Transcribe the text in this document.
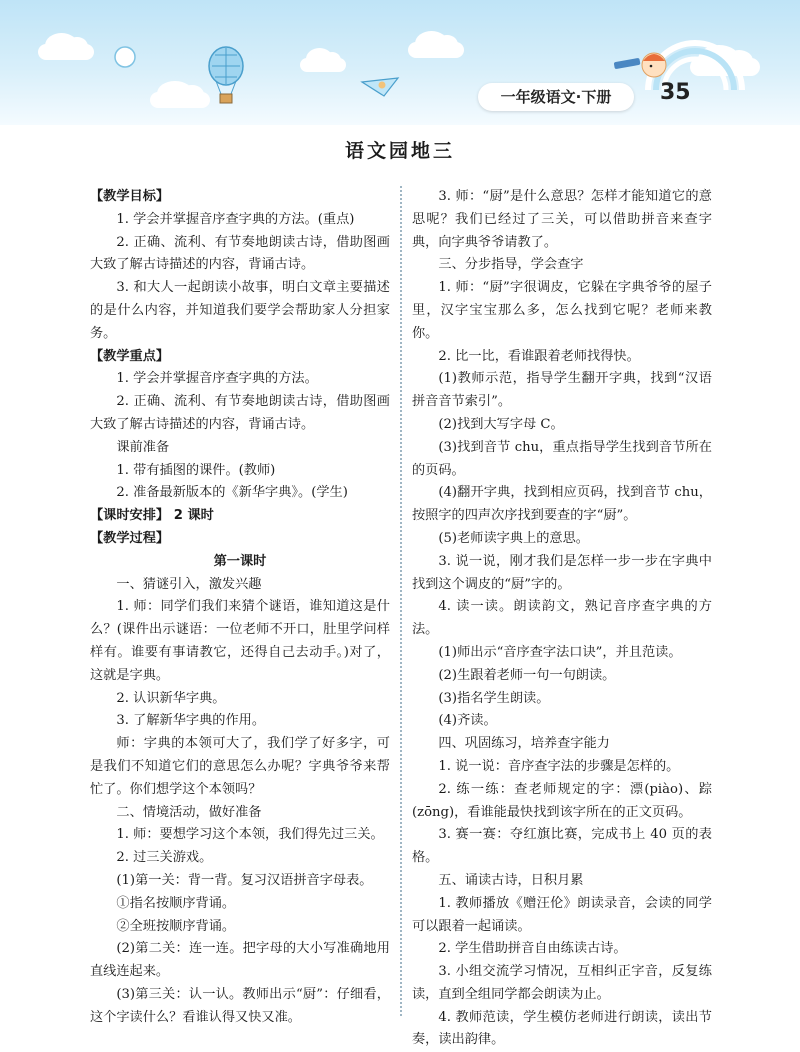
一年级语文·下册	35
语文园地三

【教学目标】

1. 学会并掌握音序查字典的方法。(重点)

2. 正确、流利、有节奏地朗读古诗，借助图画大致了解古诗描述的内容，背诵古诗。

3. 和大人一起朗读小故事，明白文章主要描述的是什么内容，并知道我们要学会帮助家人分担家务。

【教学重点】

1. 学会并掌握音序查字典的方法。

2. 正确、流利、有节奏地朗读古诗，借助图画大致了解古诗描述的内容，背诵古诗。

课前准备

1. 带有插图的课件。(教师)

2. 准备最新版本的《新华字典》。(学生)

【课时安排】 2 课时

【教学过程】

第一课时

一、猜谜引入，激发兴趣

1. 师：同学们我们来猜个谜语，谁知道这是什么？(课件出示谜语：一位老师不开口，肚里学问样样有。谁要有事请教它，还得自己去动手。)对了，这就是字典。

2. 认识新华字典。

3. 了解新华字典的作用。

师：字典的本领可大了，我们学了好多字，可是我们不知道它们的意思怎么办呢？字典爷爷来帮忙了。你们想学这个本领吗？

二、情境活动，做好准备

1. 师：要想学习这个本领，我们得先过三关。

2. 过三关游戏。

(1)第一关：背一背。复习汉语拼音字母表。

①指名按顺序背诵。

②全班按顺序背诵。

(2)第二关：连一连。把字母的大小写准确地用直线连起来。

(3)第三关：认一认。教师出示“厨”：仔细看，这个字读什么？看谁认得又快又准。

3. 师：“厨”是什么意思？怎样才能知道它的意思呢？我们已经过了三关，可以借助拼音来查字典，向字典爷爷请教了。

三、分步指导，学会查字

1. 师：“厨”字很调皮，它躲在字典爷爷的屋子里，汉字宝宝那么多，怎么找到它呢？老师来教你。

2. 比一比，看谁跟着老师找得快。

(1)教师示范，指导学生翻开字典，找到“汉语拼音音节索引”。

(2)找到大写字母 C。

(3)找到音节 chu，重点指导学生找到音节所在的页码。

(4)翻开字典，找到相应页码，找到音节 chu，按照字的四声次序找到要查的字“厨”。

(5)老师读字典上的意思。

3. 说一说，刚才我们是怎样一步一步在字典中找到这个调皮的“厨”字的。

4. 读一读。朗读韵文，熟记音序查字典的方法。

(1)师出示“音序查字法口诀”，并且范读。

(2)生跟着老师一句一句朗读。

(3)指名学生朗读。

(4)齐读。

四、巩固练习，培养查字能力

1. 说一说：音序查字法的步骤是怎样的。

2. 练一练：查老师规定的字：漂(piào)、踪(zōng)，看谁能最快找到该字所在的正文页码。

3. 赛一赛：夺红旗比赛，完成书上 40 页的表格。

五、诵读古诗，日积月累

1. 教师播放《赠汪伦》朗读录音，会读的同学可以跟着一起诵读。

2. 学生借助拼音自由练读古诗。

3. 小组交流学习情况，互相纠正字音，反复练读，直到全组同学都会朗读为止。

4. 教师范读，学生模仿老师进行朗读，读出节奏，读出韵律。
